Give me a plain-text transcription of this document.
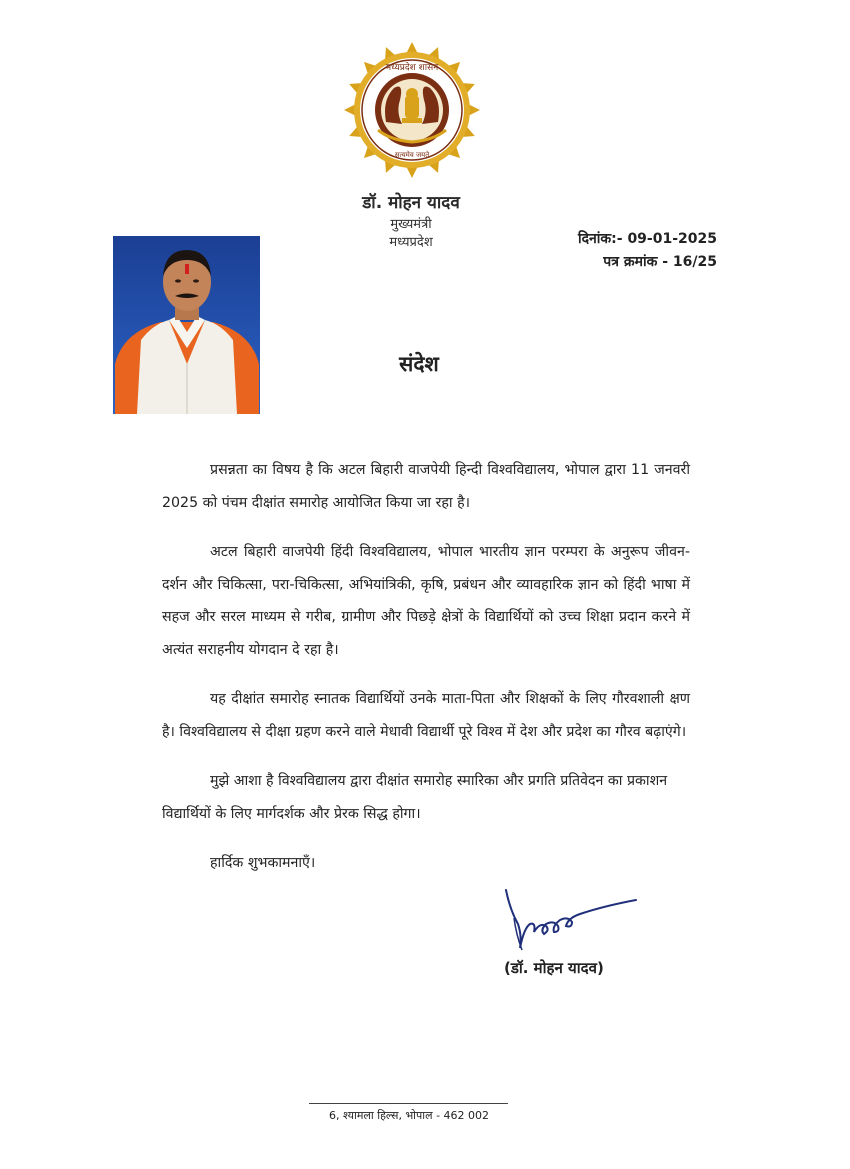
मध्यप्रदेश शासन
सत्यमेव जयते
डॉ. मोहन यादव
मुख्यमंत्री
मध्यप्रदेश	दिनांक:- 09-01-2025
पत्र क्रमांक - 16/25
संदेश

प्रसन्नता का विषय है कि अटल बिहारी वाजपेयी हिन्दी विश्वविद्यालय, भोपाल द्वारा 11 जनवरी 2025 को पंचम दीक्षांत समारोह आयोजित किया जा रहा है।

अटल बिहारी वाजपेयी हिंदी विश्वविद्यालय, भोपाल भारतीय ज्ञान परम्परा के अनुरूप जीवन-दर्शन और चिकित्सा, परा-चिकित्सा, अभियांत्रिकी, कृषि, प्रबंधन और व्यावहारिक ज्ञान को हिंदी भाषा में सहज और सरल माध्यम से गरीब, ग्रामीण और पिछड़े क्षेत्रों के विद्यार्थियों को उच्च शिक्षा प्रदान करने में अत्यंत सराहनीय योगदान दे रहा है।

यह दीक्षांत समारोह स्नातक विद्यार्थियों उनके माता-पिता और शिक्षकों के लिए गौरवशाली क्षण है। विश्वविद्यालय से दीक्षा ग्रहण करने वाले मेधावी विद्यार्थी पूरे विश्व में देश और प्रदेश का गौरव बढ़ाएंगे।

मुझे आशा है विश्वविद्यालय द्वारा दीक्षांत समारोह स्मारिका और प्रगति प्रतिवेदन का प्रकाशन विद्यार्थियों के लिए मार्गदर्शक और प्रेरक सिद्ध होगा।

हार्दिक शुभकामनाएँ।

(डॉ. मोहन यादव)
6, श्यामला हिल्स, भोपाल - 462 002
